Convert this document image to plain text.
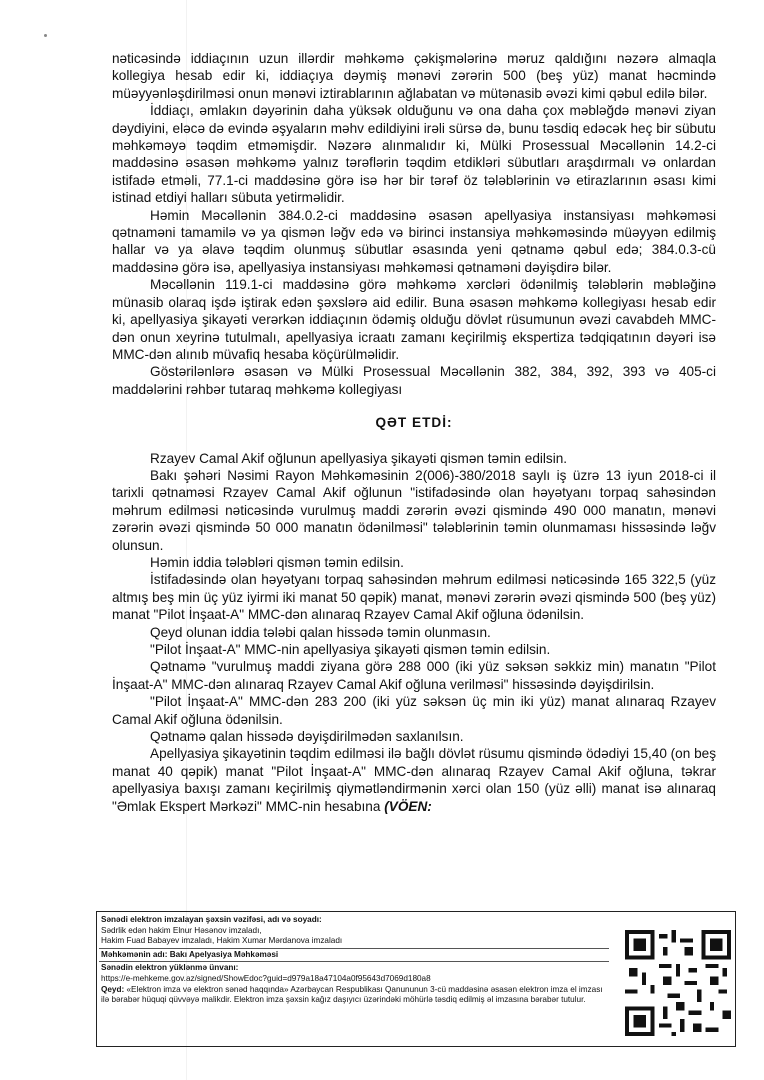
nəticəsində iddiaçının uzun illərdir məhkəmə çəkişmələrinə məruz qaldığını nəzərə almaqla kollegiya hesab edir ki, iddiaçıya dəymiş mənəvi zərərin 500 (beş yüz) manat həcmində müəyyənləşdirilməsi onun mənəvi iztirablarının ağlabatan və mütənasib əvəzi kimi qəbul edilə bilər.

İddiaçı, əmlakın dəyərinin daha yüksək olduğunu və ona daha çox məbləğdə mənəvi ziyan dəydiyini, eləcə də evində əşyaların məhv edildiyini irəli sürsə də, bunu təsdiq edəcək heç bir sübutu məhkəməyə təqdim etməmişdir. Nəzərə alınmalıdır ki, Mülki Prosessual Məcəllənin 14.2-ci maddəsinə əsasən məhkəmə yalnız tərəflərin təqdim etdikləri sübutları araşdırmalı və onlardan istifadə etməli, 77.1-ci maddəsinə görə isə hər bir tərəf öz tələblərinin və etirazlarının əsası kimi istinad etdiyi halları sübuta yetirməlidir.

Həmin Məcəllənin 384.0.2-ci maddəsinə əsasən apellyasiya instansiyası məhkəməsi qətnaməni tamamilə və ya qismən ləğv edə və birinci instansiya məhkəməsində müəyyən edilmiş hallar və ya əlavə təqdim olunmuş sübutlar əsasında yeni qətnamə qəbul edə; 384.0.3-cü maddəsinə görə isə, apellyasiya instansiyası məhkəməsi qətnaməni dəyişdirə bilər.

Məcəllənin 119.1-ci maddəsinə görə məhkəmə xərcləri ödənilmiş tələblərin məbləğinə münasib olaraq işdə iştirak edən şəxslərə aid edilir. Buna əsasən məhkəmə kollegiyası hesab edir ki, apellyasiya şikayəti verərkən iddiaçının ödəmiş olduğu dövlət rüsumunun əvəzi cavabdeh MMC-dən onun xeyrinə tutulmalı, apellyasiya icraatı zamanı keçirilmiş ekspertiza tədqiqatının dəyəri isə MMC-dən alınıb müvafiq hesaba köçürülməlidir.

Göstərilənlərə əsasən və Mülki Prosessual Məcəllənin 382, 384, 392, 393 və 405-ci maddələrini rəhbər tutaraq məhkəmə kollegiyası

QƏT ETDİ:

Rzayev Camal Akif oğlunun apellyasiya şikayəti qismən təmin edilsin.

Bakı şəhəri Nəsimi Rayon Məhkəməsinin 2(006)-380/2018 saylı iş üzrə 13 iyun 2018-ci il tarixli qətnaməsi Rzayev Camal Akif oğlunun "istifadəsində olan həyətyanı torpaq sahəsindən məhrum edilməsi nəticəsində vurulmuş maddi zərərin əvəzi qismində 490 000 manatın, mənəvi zərərin əvəzi qismində 50 000 manatın ödənilməsi" tələblərinin təmin olunmaması hissəsində ləğv olunsun.

Həmin iddia tələbləri qismən təmin edilsin.

İstifadəsində olan həyətyanı torpaq sahəsindən məhrum edilməsi nəticəsində 165 322,5 (yüz altmış beş min üç yüz iyirmi iki manat 50 qəpik) manat, mənəvi zərərin əvəzi qismində 500 (beş yüz) manat "Pilot İnşaat-A" MMC-dən alınaraq Rzayev Camal Akif oğluna ödənilsin.

Qeyd olunan iddia tələbi qalan hissədə təmin olunmasın.

"Pilot İnşaat-A" MMC-nin apellyasiya şikayəti qismən təmin edilsin.

Qətnamə "vurulmuş maddi ziyana görə 288 000 (iki yüz səksən səkkiz min) manatın "Pilot İnşaat-A" MMC-dən alınaraq Rzayev Camal Akif oğluna verilməsi" hissəsində dəyişdirilsin.

"Pilot İnşaat-A" MMC-dən 283 200 (iki yüz səksən üç min iki yüz) manat alınaraq Rzayev Camal Akif oğluna ödənilsin.

Qətnamə qalan hissədə dəyişdirilmədən saxlanılsın.

Apellyasiya şikayətinin təqdim edilməsi ilə bağlı dövlət rüsumu qismində ödədiyi 15,40 (on beş manat 40 qəpik) manat "Pilot İnşaat-A" MMC-dən alınaraq Rzayev Camal Akif oğluna, təkrar apellyasiya baxışı zamanı keçirilmiş qiymətləndirmənin xərci olan 150 (yüz əlli) manat isə alınaraq "Əmlak Ekspert Mərkəzi" MMC-nin hesabına (VÖEN:

Sənədi elektron imzalayan şəxsin vəzifəsi, adı və soyadı:
Sədrlik edən hakim Elnur Həsənov imzaladı,
Hakim Fuad Babayev imzaladı, Hakim Xumar Mərdanova imzaladı
Məhkəmənin adı: Bakı Apelyasiya Məhkəməsi
Sənədin elektron yüklənmə ünvanı:
https://e-mehkeme.gov.az/signed/ShowEdoc?guid=d979a18a47104a0f95643d7069d180a8
Qeyd: «Elektron imza və elektron sənəd haqqında» Azərbaycan Respublikası Qanununun 3-cü maddəsinə əsasən elektron imza el imzası ilə bərabər hüquqi qüvvəyə malikdir. Elektron imza şəxsin kağız daşıyıcı üzərindəki möhürlə təsdiq edilmiş əl imzasına bərabər tutulur.
